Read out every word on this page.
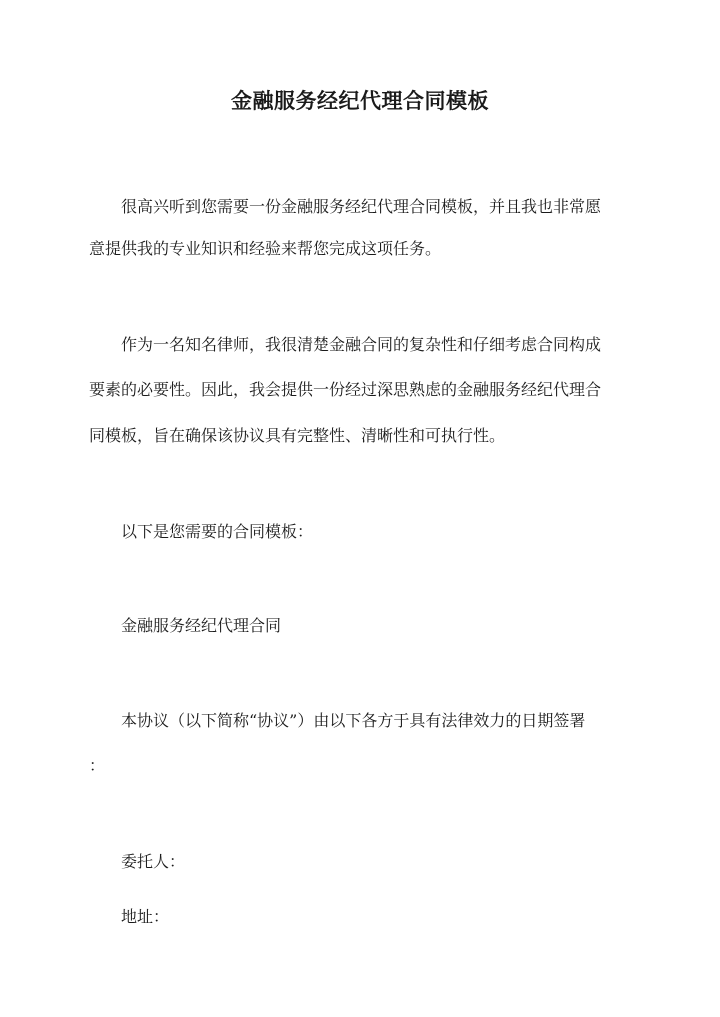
金融服务经纪代理合同模板
很高兴听到您需要一份金融服务经纪代理合同模板，并且我也非常愿
意提供我的专业知识和经验来帮您完成这项任务。
作为一名知名律师，我很清楚金融合同的复杂性和仔细考虑合同构成
要素的必要性。因此，我会提供一份经过深思熟虑的金融服务经纪代理合
同模板，旨在确保该协议具有完整性、清晰性和可执行性。
以下是您需要的合同模板：
金融服务经纪代理合同
本协议（以下简称“协议”）由以下各方于具有法律效力的日期签署
：
委托人：
地址：
